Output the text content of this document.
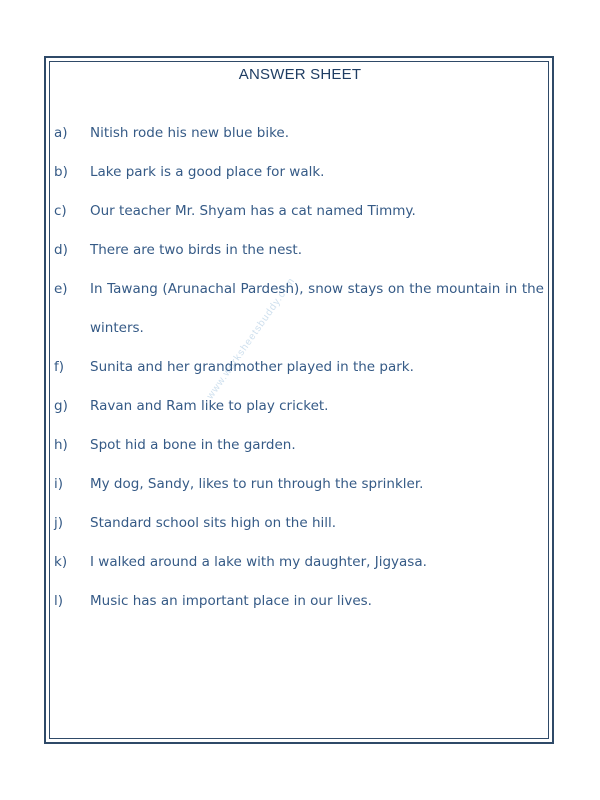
ANSWER SHEET
www.worksheetsbuddy.com
a)	Nitish rode his new blue bike.
b)	Lake park is a good place for walk.
c)	Our teacher Mr. Shyam has a cat named Timmy.
d)	There are two birds in the nest.
e)	In Tawang (Arunachal Pardesh), snow stays on the mountain in the winters.
f)	Sunita and her grandmother played in the park.
g)	Ravan and Ram like to play cricket.
h)	Spot hid a bone in the garden.
i)	My dog, Sandy, likes to run through the sprinkler.
j)	Standard school sits high on the hill.
k)	I walked around a lake with my daughter, Jigyasa.
l)	Music has an important place in our lives.
